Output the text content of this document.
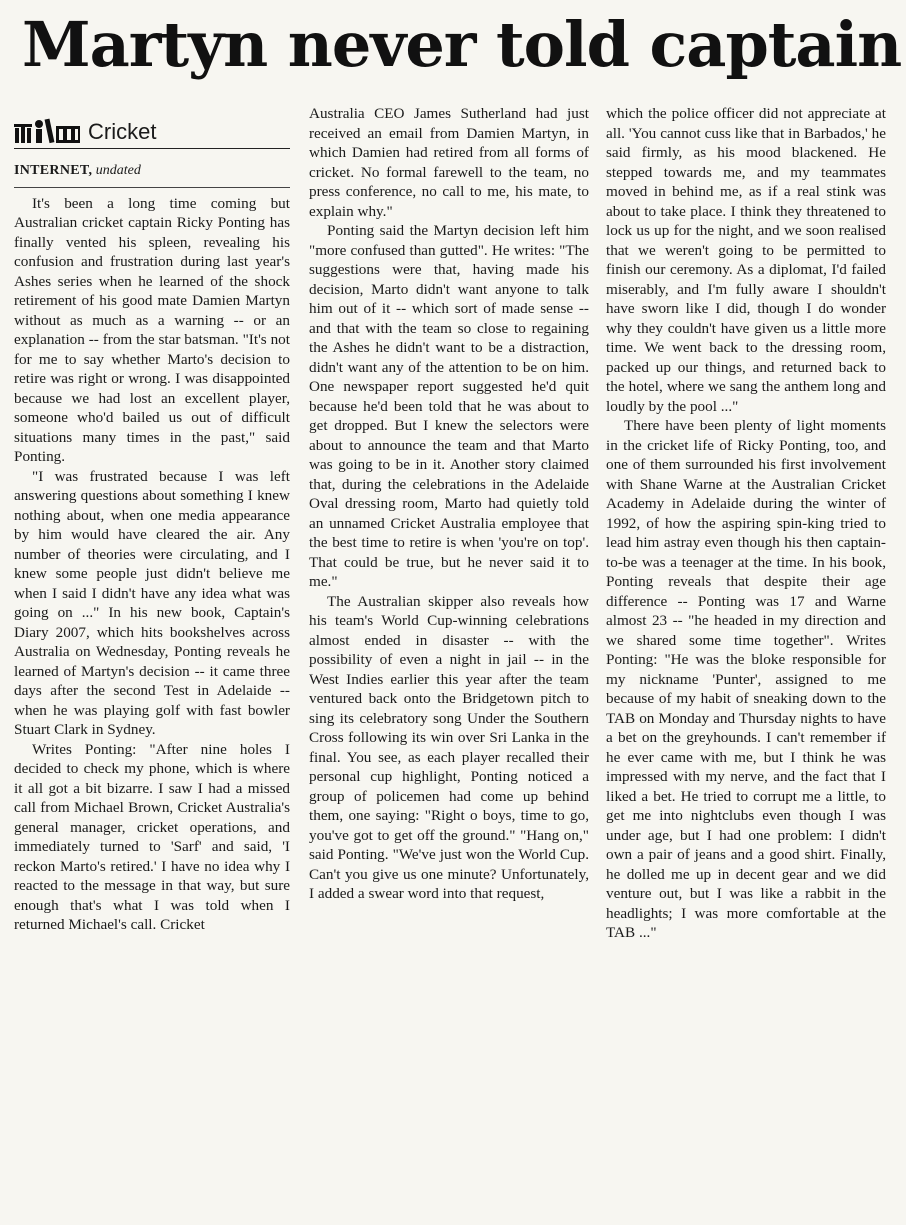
Martyn never told captain
Cricket
INTERNET, undated

It's been a long time coming but Australian cricket captain Ricky Ponting has finally vented his spleen, revealing his confusion and frustration during last year's Ashes series when he learned of the shock retirement of his good mate Damien Martyn without as much as a warning -- or an explanation -- from the star batsman. "It's not for me to say whether Marto's decision to retire was right or wrong. I was disappointed because we had lost an excellent player, someone who'd bailed us out of difficult situations many times in the past," said Ponting.

"I was frustrated because I was left answering questions about something I knew nothing about, when one media appearance by him would have cleared the air. Any number of theories were circulating, and I knew some people just didn't believe me when I said I didn't have any idea what was going on ..." In his new book, Captain's Diary 2007, which hits bookshelves across Australia on Wednesday, Ponting reveals he learned of Martyn's decision -- it came three days after the second Test in Adelaide -- when he was playing golf with fast bowler Stuart Clark in Sydney.

Writes Ponting: "After nine holes I decided to check my phone, which is where it all got a bit bizarre. I saw I had a missed call from Michael Brown, Cricket Australia's general manager, cricket operations, and immediately turned to 'Sarf' and said, 'I reckon Marto's retired.' I have no idea why I reacted to the message in that way, but sure enough that's what I was told when I returned Michael's call. Cricket

Australia CEO James Sutherland had just received an email from Damien Martyn, in which Damien had retired from all forms of cricket. No formal farewell to the team, no press conference, no call to me, his mate, to explain why."

Ponting said the Martyn decision left him "more confused than gutted". He writes: "The suggestions were that, having made his decision, Marto didn't want anyone to talk him out of it -- which sort of made sense -- and that with the team so close to regaining the Ashes he didn't want to be a distraction, didn't want any of the attention to be on him. One newspaper report suggested he'd quit because he'd been told that he was about to get dropped. But I knew the selectors were about to announce the team and that Marto was going to be in it. Another story claimed that, during the celebrations in the Adelaide Oval dressing room, Marto had quietly told an unnamed Cricket Australia employee that the best time to retire is when 'you're on top'. That could be true, but he never said it to me."

The Australian skipper also reveals how his team's World Cup-winning celebrations almost ended in disaster -- with the possibility of even a night in jail -- in the West Indies earlier this year after the team ventured back onto the Bridgetown pitch to sing its celebratory song Under the Southern Cross following its win over Sri Lanka in the final. You see, as each player recalled their personal cup highlight, Ponting noticed a group of policemen had come up behind them, one saying: "Right o boys, time to go, you've got to get off the ground." "Hang on," said Ponting. "We've just won the World Cup. Can't you give us one minute? Unfortunately, I added a swear word into that request,

which the police officer did not appreciate at all. 'You cannot cuss like that in Barbados,' he said firmly, as his mood blackened. He stepped towards me, and my teammates moved in behind me, as if a real stink was about to take place. I think they threatened to lock us up for the night, and we soon realised that we weren't going to be permitted to finish our ceremony. As a diplomat, I'd failed miserably, and I'm fully aware I shouldn't have sworn like I did, though I do wonder why they couldn't have given us a little more time. We went back to the dressing room, packed up our things, and returned back to the hotel, where we sang the anthem long and loudly by the pool ..."

There have been plenty of light moments in the cricket life of Ricky Ponting, too, and one of them surrounded his first involvement with Shane Warne at the Australian Cricket Academy in Adelaide during the winter of 1992, of how the aspiring spin-king tried to lead him astray even though his then captain-to-be was a teenager at the time. In his book, Ponting reveals that despite their age difference -- Ponting was 17 and Warne almost 23 -- "he headed in my direction and we shared some time together". Writes Ponting: "He was the bloke responsible for my nickname 'Punter', assigned to me because of my habit of sneaking down to the TAB on Monday and Thursday nights to have a bet on the greyhounds. I can't remember if he ever came with me, but I think he was impressed with my nerve, and the fact that I liked a bet. He tried to corrupt me a little, to get me into nightclubs even though I was under age, but I had one problem: I didn't own a pair of jeans and a good shirt. Finally, he dolled me up in decent gear and we did venture out, but I was like a rabbit in the headlights; I was more comfortable at the TAB ..."
